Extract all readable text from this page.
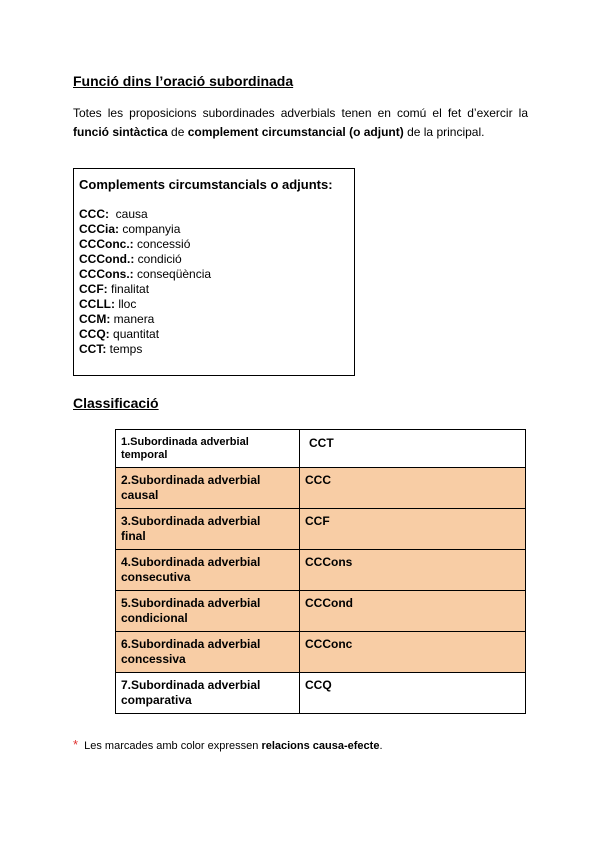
Funció dins l’oració subordinada
Totes les proposicions subordinades adverbials tenen en comú el fet d’exercir la funció sintàctica de complement circumstancial (o adjunt) de la principal.
Complements circumstancials o adjunts:
CCC: causa
CCCia: companyia
CCConc.: concessió
CCCond.: condició
CCCons.: conseqüència
CCF: finalitat
CCLL: lloc
CCM: manera
CCQ: quantitat
CCT: temps
Classificació
1.Subordinada adverbial
temporal	CCT
2.Subordinada adverbial
causal	CCC
3.Subordinada adverbial
final	CCF
4.Subordinada adverbial
consecutiva	CCCons
5.Subordinada adverbial
condicional	CCCond
6.Subordinada adverbial
concessiva	CCConc
7.Subordinada adverbial
comparativa	CCQ
* Les marcades amb color expressen relacions causa-efecte.
